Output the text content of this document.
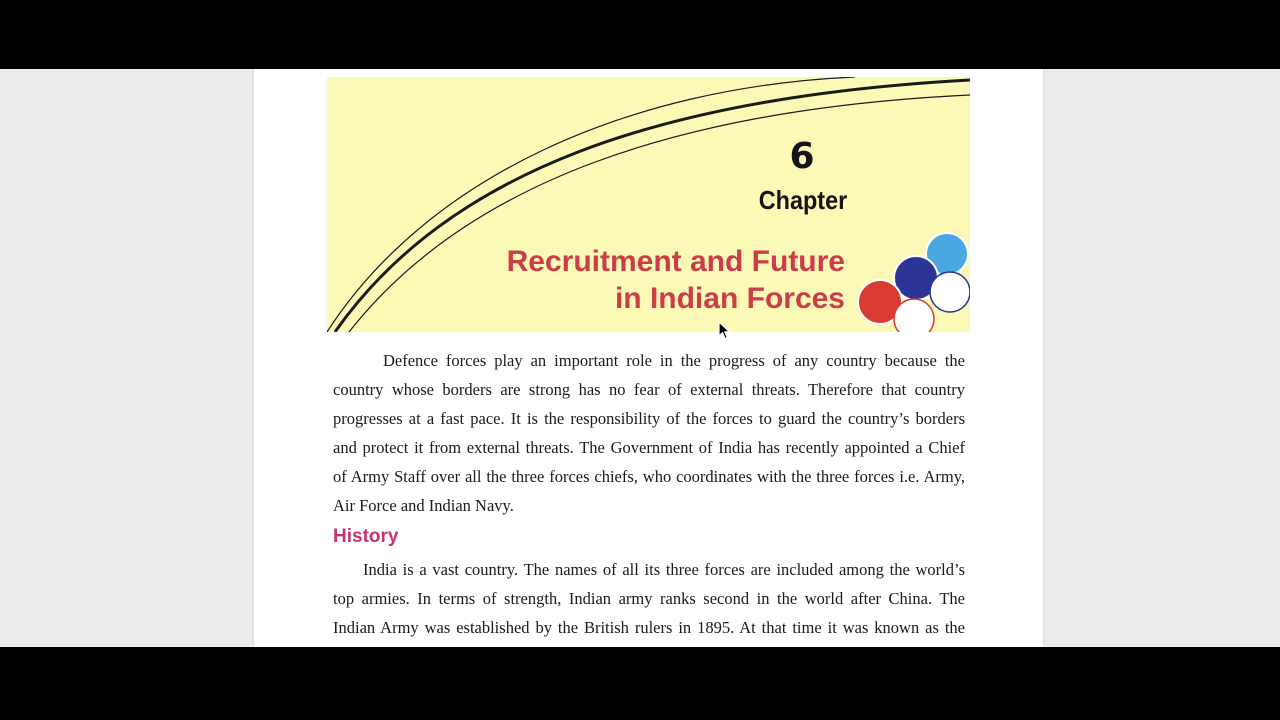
6
Chapter
Recruitment and Future
in Indian Forces
Defence forces play an important role in the progress of any country because the
country whose borders are strong has no fear of external threats. Therefore that country
progresses at a fast pace. It is the responsibility of the forces to guard the country’s borders
and protect it from external threats. The Government of India has recently appointed a Chief
of Army Staff over all the three forces chiefs, who coordinates with the three forces i.e. Army,
Air Force and Indian Navy.
History
India is a vast country. The names of all its three forces are included among the world’s
top armies. In terms of strength, Indian army ranks second in the world after China. The
Indian Army was established by the British rulers in 1895. At that time it was known as the
